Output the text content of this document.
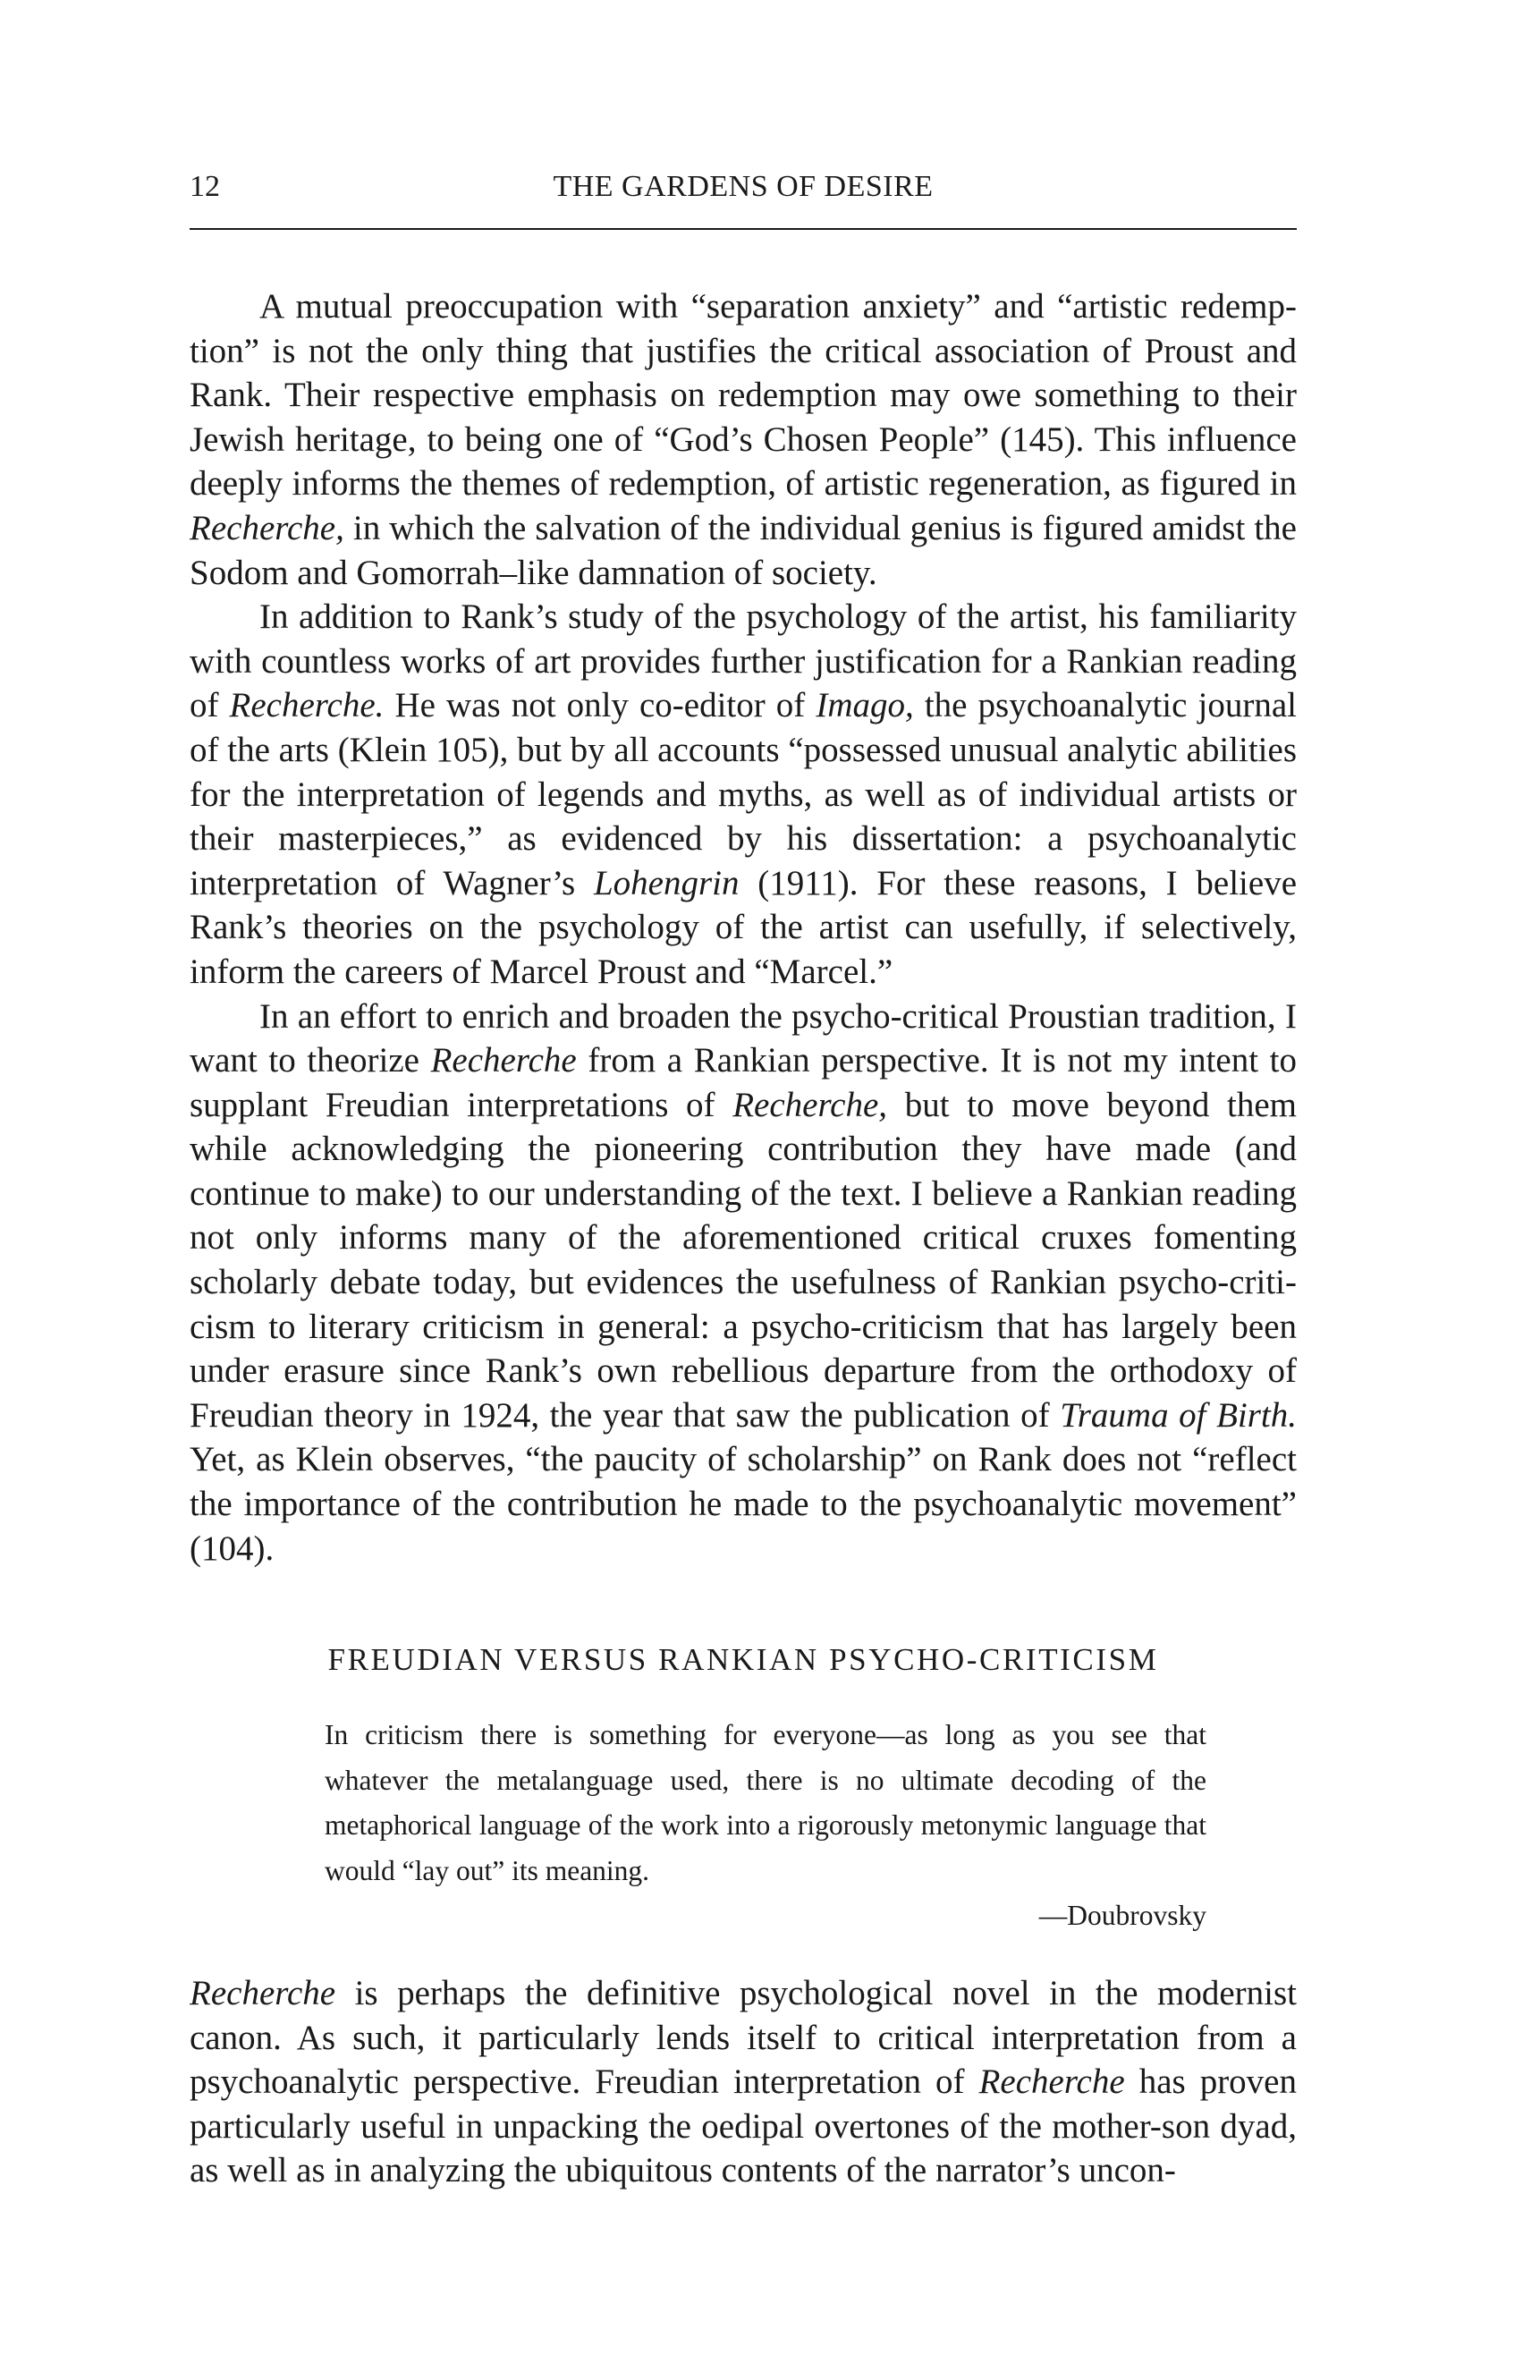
12	THE GARDENS OF DESIRE

A mutual preoccupation with “separation anxiety” and “artistic redemption” is not the only thing that justifies the critical association of Proust and Rank. Their respective emphasis on redemption may owe something to their Jewish heritage, to being one of “God’s Chosen People” (145). This influence deeply informs the themes of redemption, of artistic regeneration, as figured in Recherche, in which the salvation of the individual genius is figured amidst the Sodom and Gomorrah–like damnation of society.

In addition to Rank’s study of the psychology of the artist, his familiarity with countless works of art provides further justification for a Rankian reading of Recherche. He was not only co-editor of Imago, the psychoanalytic journal of the arts (Klein 105), but by all accounts “possessed unusual analytic abilities for the interpretation of legends and myths, as well as of individual artists or their masterpieces,” as evidenced by his dissertation: a psychoanalytic interpretation of Wagner’s Lohengrin (1911). For these reasons, I believe Rank’s theories on the psychology of the artist can usefully, if selectively, inform the careers of Marcel Proust and “Marcel.”

In an effort to enrich and broaden the psycho-critical Proustian tradition, I want to theorize Recherche from a Rankian perspective. It is not my intent to supplant Freudian interpretations of Recherche, but to move beyond them while acknowledging the pioneering contribution they have made (and continue to make) to our understanding of the text. I believe a Rankian reading not only informs many of the aforementioned critical cruxes fomenting scholarly debate today, but evidences the usefulness of Rankian psycho-criticism to literary criticism in general: a psycho-criticism that has largely been under erasure since Rank’s own rebellious departure from the orthodoxy of Freudian theory in 1924, the year that saw the publication of Trauma of Birth. Yet, as Klein observes, “the paucity of scholarship” on Rank does not “reflect the importance of the contribution he made to the psychoanalytic movement” (104).

FREUDIAN VERSUS RANKIAN PSYCHO-CRITICISM

In criticism there is something for everyone—as long as you see that whatever the metalanguage used, there is no ultimate decoding of the metaphorical language of the work into a rigorously metonymic language that would “lay out” its meaning.

—Doubrovsky

Recherche is perhaps the definitive psychological novel in the modernist canon. As such, it particularly lends itself to critical interpretation from a psychoanalytic perspective. Freudian interpretation of Recherche has proven particularly useful in unpacking the oedipal overtones of the mother-son dyad, as well as in analyzing the ubiquitous contents of the narrator’s uncon-
